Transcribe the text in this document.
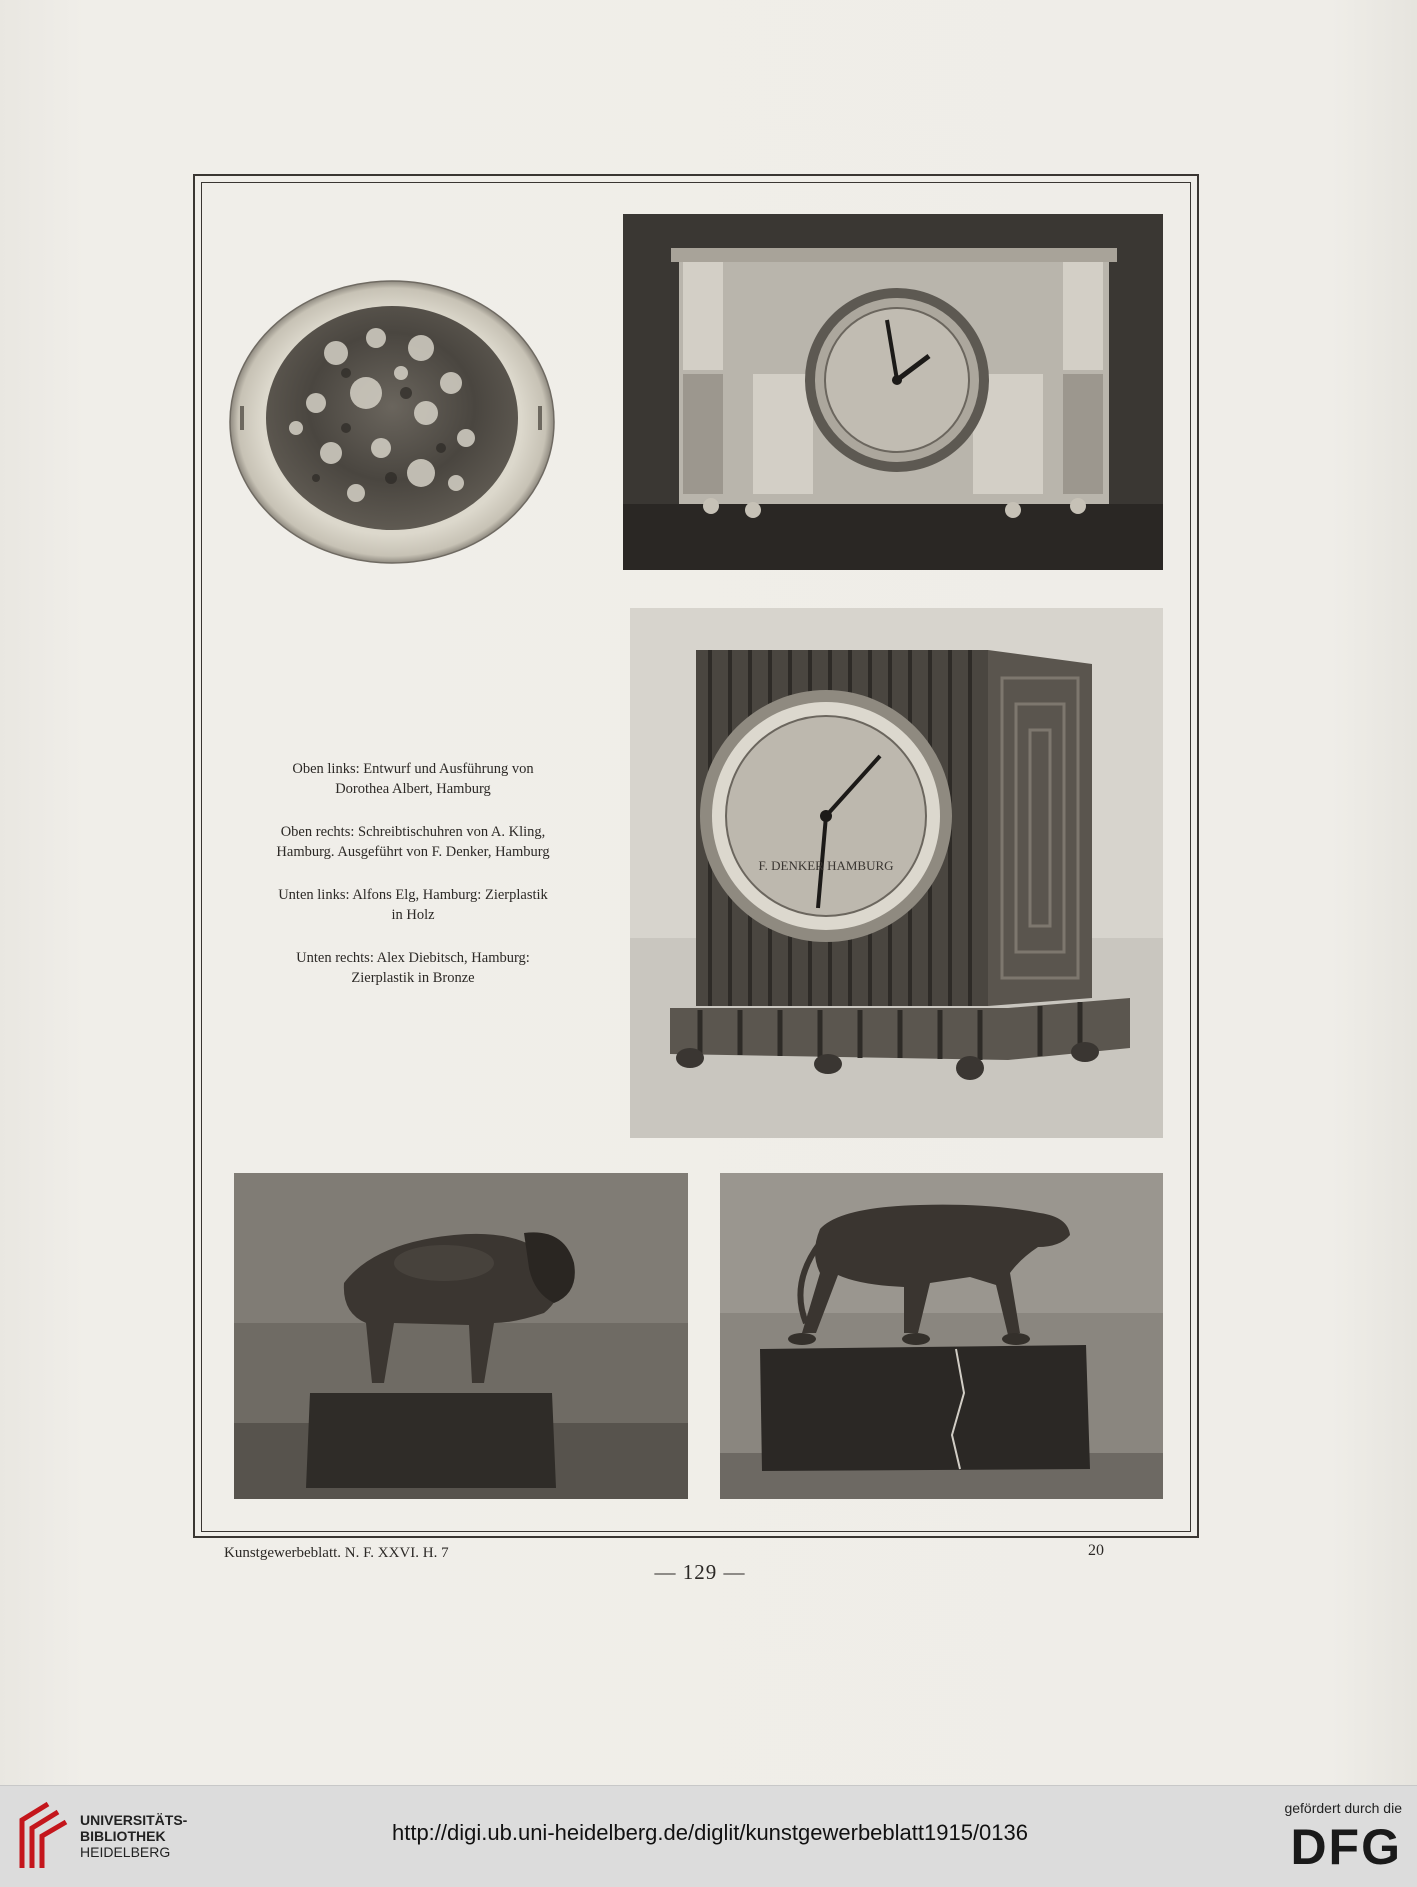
F. DENKER HAMBURG

Oben links: Entwurf und Ausführung von
Dorothea Albert, Hamburg

Oben rechts: Schreibtischuhren von A. Kling,
Hamburg. Ausgeführt von F. Denker, Hamburg

Unten links: Alfons Elg, Hamburg: Zierplastik
in Holz

Unten rechts: Alex Diebitsch, Hamburg:
Zierplastik in Bronze

Kunstgewerbeblatt. N. F. XXVI. H. 7	20
— 129 —
UNIVERSITÄTS-
BIBLIOTHEK
HEIDELBERG
http://digi.ub.uni-heidelberg.de/diglit/kunstgewerbeblatt1915/0136
gefördert durch die
DFG
